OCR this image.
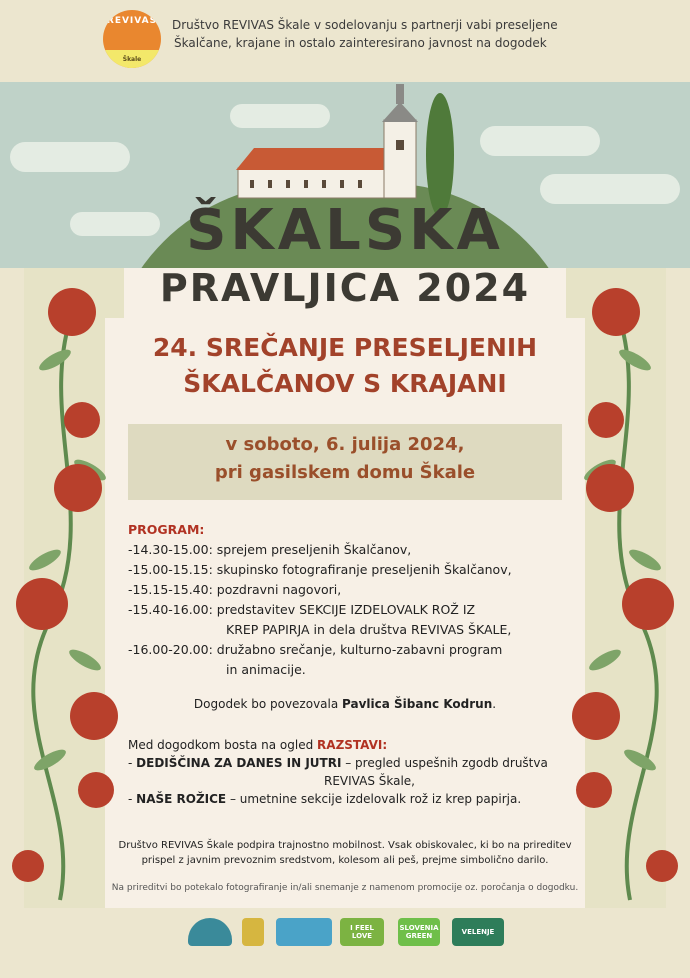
REVIVAS
Škale
Društvo REVIVAS Škale v sodelovanju s partnerji vabi preseljene
Škalčane, krajane in ostalo zainteresirano javnost na dogodek
ŠKALSKA
PRAVLJICA 2024
24. SREČANJE PRESELJENIH
ŠKALČANOV S KRAJANI
v soboto, 6. julija 2024,
pri gasilskem domu Škale
PROGRAM:
-14.30-15.00: sprejem preseljenih Škalčanov,
-15.00-15.15: skupinsko fotografiranje preseljenih Škalčanov,
-15.15-15.40: pozdravni nagovori,
-15.40-16.00: predstavitev SEKCIJE IZDELOVALK ROŽ IZ
KREP PAPIRJA in dela društva REVIVAS ŠKALE,
-16.00-20.00: družabno srečanje, kulturno-zabavni program
in animacije.
Dogodek bo povezovala Pavlica Šibanc Kodrun.
Med dogodkom bosta na ogled RAZSTAVI:
- DEDIŠČINA ZA DANES IN JUTRI – pregled uspešnih zgodb društva
REVIVAS Škale,
- NAŠE ROŽICE – umetnine sekcije izdelovalk rož iz krep papirja.
Društvo REVIVAS Škale podpira trajnostno mobilnost. Vsak obiskovalec, ki bo na prireditev
prispel z javnim prevoznim sredstvom, kolesom ali peš, prejme simbolično darilo.
Na prireditvi bo potekalo fotografiranje in/ali snemanje z namenom promocije oz. poročanja o dogodku.
I FEEL LOVE
SLOVENIA GREEN	VELENJE
